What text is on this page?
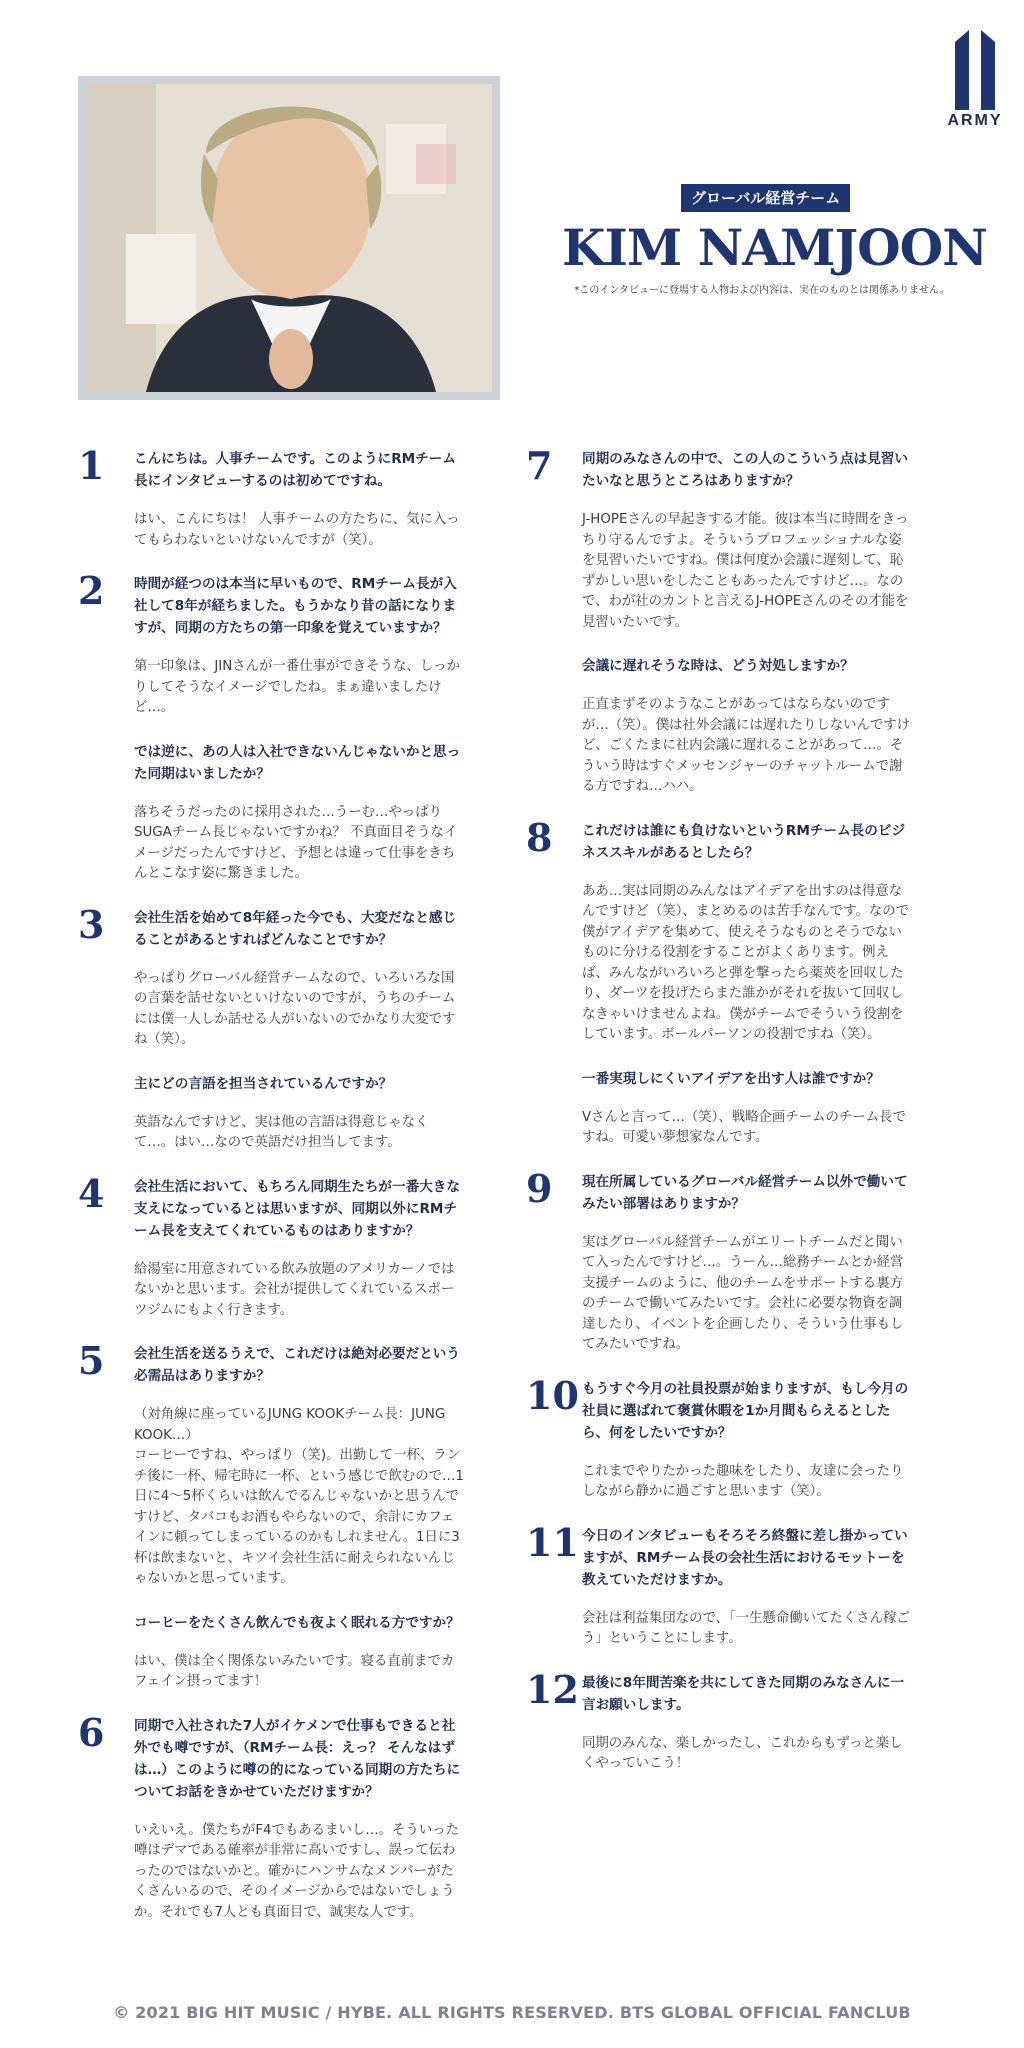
ARMY
グローバル経営チーム
KIM NAMJOON
*このインタビューに登場する人物および内容は、実在のものとは関係ありません。
1 こんにちは。人事チームです。このようにRMチーム長にインタビューするのは初めてですね。

はい、こんにちは！ 人事チームの方たちに、気に入ってもらわないといけないんですが（笑）。

2 時間が経つのは本当に早いもので、RMチーム長が入社して8年が経ちました。もうかなり昔の話になりますが、同期の方たちの第一印象を覚えていますか？

第一印象は、JINさんが一番仕事ができそうな、しっかりしてそうなイメージでしたね。まぁ違いましたけど…。

では逆に、あの人は入社できないんじゃないかと思った同期はいましたか？

落ちそうだったのに採用された…うーむ…やっぱりSUGAチーム長じゃないですかね？ 不真面目そうなイメージだったんですけど、予想とは違って仕事をきちんとこなす姿に驚きました。

3 会社生活を始めて8年経った今でも、大変だなと感じることがあるとすればどんなことですか？

やっぱりグローバル経営チームなので、いろいろな国の言葉を話せないといけないのですが、うちのチームには僕一人しか話せる人がいないのでかなり大変ですね（笑）。

主にどの言語を担当されているんですか？

英語なんですけど、実は他の言語は得意じゃなくて…。はい…なので英語だけ担当してます。

4 会社生活において、もちろん同期生たちが一番大きな支えになっているとは思いますが、同期以外にRMチーム長を支えてくれているものはありますか？

給湯室に用意されている飲み放題のアメリカーノではないかと思います。会社が提供してくれているスポーツジムにもよく行きます。

5 会社生活を送るうえで、これだけは絶対必要だという必需品はありますか？

（対角線に座っているJUNG KOOKチーム長：JUNG KOOK…）
コーヒーですね、やっぱり（笑)。出勤して一杯、ランチ後に一杯、帰宅時に一杯、という感じで飲むので…1日に4〜5杯くらいは飲んでるんじゃないかと思うんですけど、タバコもお酒もやらないので、余計にカフェインに頼ってしまっているのかもしれません。1日に3杯は飲まないと、キツイ会社生活に耐えられないんじゃないかと思っています。

コーヒーをたくさん飲んでも夜よく眠れる方ですか？

はい、僕は全く関係ないみたいです。寝る直前までカフェイン摂ってます！

6 同期で入社された7人がイケメンで仕事もできると社外でも噂ですが、（RMチーム長：えっ？ そんなはずは…）このように噂の的になっている同期の方たちについてお話をきかせていただけますか？

いえいえ。僕たちがF4でもあるまいし…。そういった噂はデマである確率が非常に高いですし、誤って伝わったのではないかと。確かにハンサムなメンバーがたくさんいるので、そのイメージからではないでしょうか。それでも7人とも真面目で、誠実な人です。

7 同期のみなさんの中で、この人のこういう点は見習いたいなと思うところはありますか？

J-HOPEさんの早起きする才能。彼は本当に時間をきっちり守るんですよ。そういうプロフェッショナルな姿を見習いたいですね。僕は何度か会議に遅刻して、恥ずかしい思いをしたこともあったんですけど…。なので、わが社のカントと言えるJ-HOPEさんのその才能を見習いたいです。

会議に遅れそうな時は、どう対処しますか？

正直まずそのようなことがあってはならないのですが…（笑）。僕は社外会議には遅れたりしないんですけど、ごくたまに社内会議に遅れることがあって…。そういう時はすぐメッセンジャーのチャットルームで謝る方ですね…ハハ。

8 これだけは誰にも負けないというRMチーム長のビジネススキルがあるとしたら？

ああ…実は同期のみんなはアイデアを出すのは得意なんですけど（笑）、まとめるのは苦手なんです。なので僕がアイデアを集めて、使えそうなものとそうでないものに分ける役割をすることがよくあります。例えば、みんながいろいろと弾を撃ったら薬莢を回収したり、ダーツを投げたらまた誰かがそれを抜いて回収しなきゃいけませんよね。僕がチームでそういう役割をしています。ボールパーソンの役割ですね（笑）。

一番実現しにくいアイデアを出す人は誰ですか？

Vさんと言って…（笑）、戦略企画チームのチーム長ですね。可愛い夢想家なんです。

9 現在所属しているグローバル経営チーム以外で働いてみたい部署はありますか？

実はグローバル経営チームがエリートチームだと聞いて入ったんですけど…。うーん…総務チームとか経営支援チームのように、他のチームをサポートする裏方のチームで働いてみたいです。会社に必要な物資を調達したり、イベントを企画したり、そういう仕事もしてみたいですね。

10 もうすぐ今月の社員投票が始まりますが、もし今月の社員に選ばれて褒賞休暇を1か月間もらえるとしたら、何をしたいですか？

これまでやりたかった趣味をしたり、友達に会ったりしながら静かに過ごすと思います（笑）。

11 今日のインタビューもそろそろ終盤に差し掛かっていますが、RMチーム長の会社生活におけるモットーを教えていただけますか。

会社は利益集団なので、「一生懸命働いてたくさん稼ごう」ということにします。

12 最後に8年間苦楽を共にしてきた同期のみなさんに一言お願いします。

同期のみんな、楽しかったし、これからもずっと楽しくやっていこう！

© 2021 BIG HIT MUSIC / HYBE. ALL RIGHTS RESERVED. BTS GLOBAL OFFICIAL FANCLUB
